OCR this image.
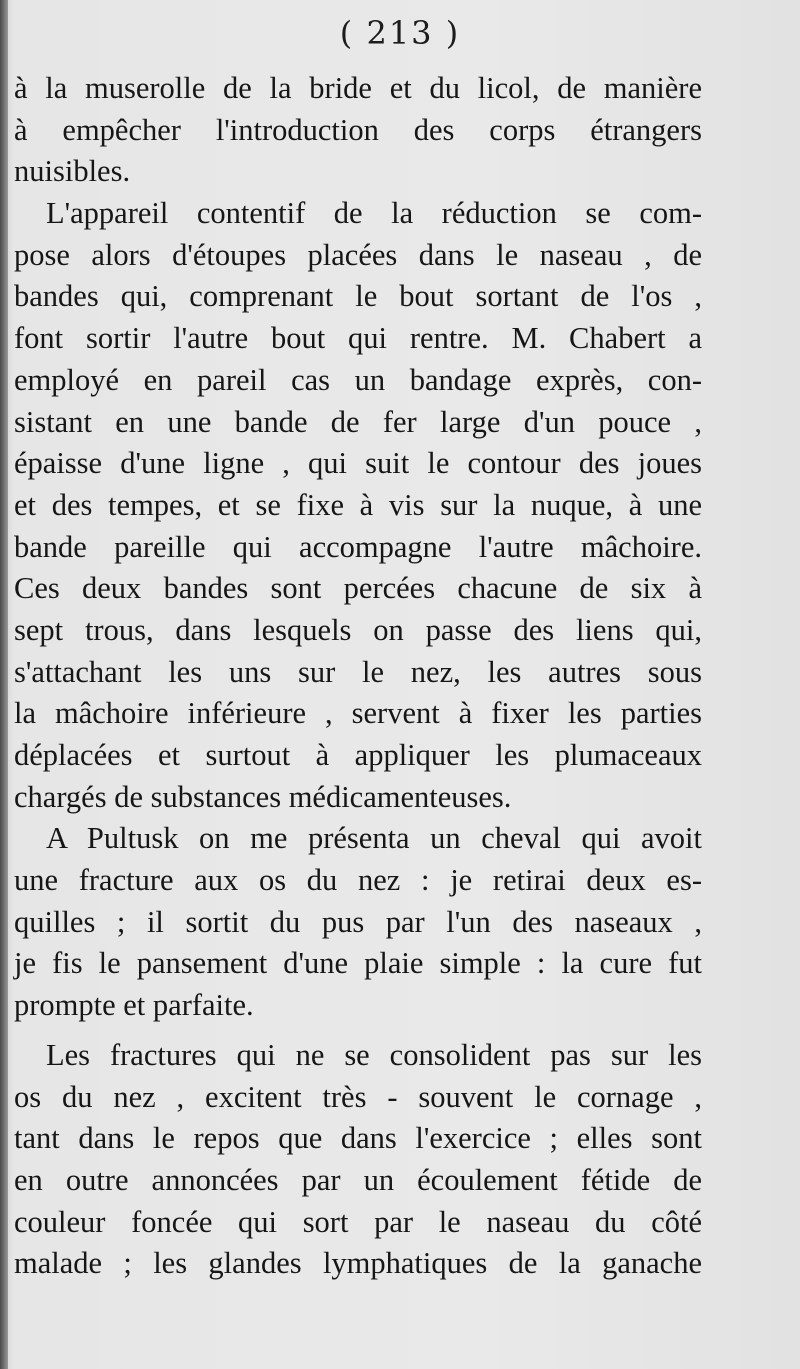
( 213 )
à la muserolle de la bride et du licol, de manière
à empêcher l'introduction des corps étrangers
nuisibles.
L'appareil contentif de la réduction se com-
pose alors d'étoupes placées dans le naseau , de
bandes qui, comprenant le bout sortant de l'os ,
font sortir l'autre bout qui rentre. M. Chabert a
employé en pareil cas un bandage exprès, con-
sistant en une bande de fer large d'un pouce ,
épaisse d'une ligne , qui suit le contour des joues
et des tempes, et se fixe à vis sur la nuque, à une
bande pareille qui accompagne l'autre mâchoire.
Ces deux bandes sont percées chacune de six à
sept trous, dans lesquels on passe des liens qui,
s'attachant les uns sur le nez, les autres sous
la mâchoire inférieure , servent à fixer les parties
déplacées et surtout à appliquer les plumaceaux
chargés de substances médicamenteuses.
A Pultusk on me présenta un cheval qui avoit
une fracture aux os du nez : je retirai deux es-
quilles ; il sortit du pus par l'un des naseaux ,
je fis le pansement d'une plaie simple : la cure fut
prompte et parfaite.
Les fractures qui ne se consolident pas sur les
os du nez , excitent très - souvent le cornage ,
tant dans le repos que dans l'exercice ; elles sont
en outre annoncées par un écoulement fétide de
couleur foncée qui sort par le naseau du côté
malade ; les glandes lymphatiques de la ganache
